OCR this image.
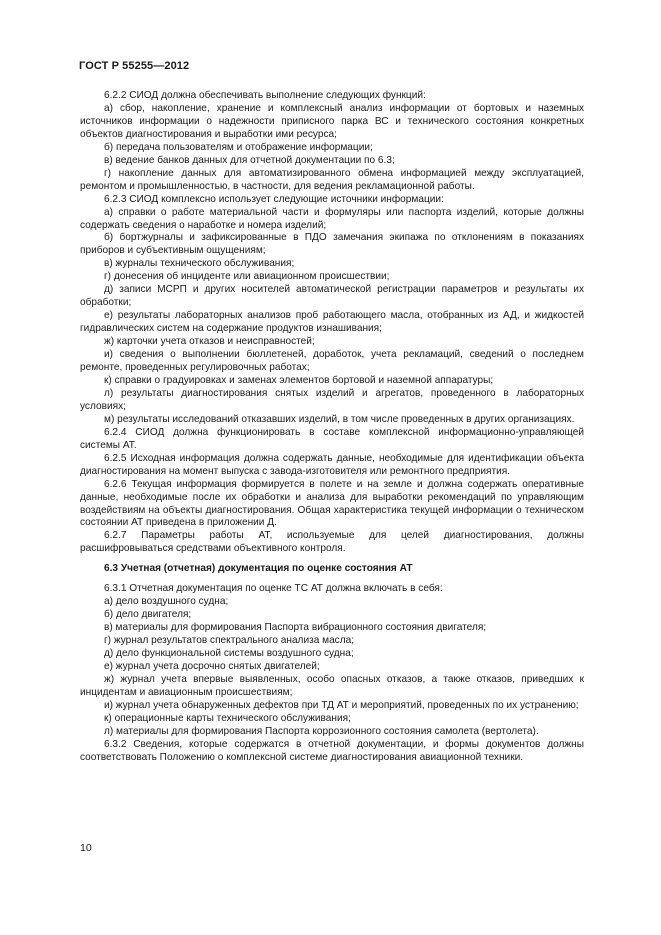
ГОСТ Р 55255—2012

6.2.2 СИОД должна обеспечивать выполнение следующих функций:

а) сбор, накопление, хранение и комплексный анализ информации от бортовых и наземных источников информации о надежности приписного парка ВС и технического состояния конкретных объектов диагностирования и выработки ими ресурса;

б) передача пользователям и отображение информации;

в) ведение банков данных для отчетной документации по 6.3;

г) накопление данных для автоматизированного обмена информацией между эксплуатацией, ремонтом и промышленностью, в частности, для ведения рекламационной работы.

6.2.3 СИОД комплексно использует следующие источники информации:

а) справки о работе материальной части и формуляры или паспорта изделий, которые должны содержать сведения о наработке и номера изделий;

б) бортжурналы и зафиксированные в ПДО замечания экипажа по отклонениям в показаниях приборов и субъективным ощущениям;

в) журналы технического обслуживания;

г) донесения об инциденте или авиационном происшествии;

д) записи МСРП и других носителей автоматической регистрации параметров и результаты их обработки;

е) результаты лабораторных анализов проб работающего масла, отобранных из АД, и жидкостей гидравлических систем на содержание продуктов изнашивания;

ж) карточки учета отказов и неисправностей;

и) сведения о выполнении бюллетеней, доработок, учета рекламаций, сведений о последнем ремонте, проведенных регулировочных работах;

к) справки о градуировках и заменах элементов бортовой и наземной аппаратуры;

л) результаты диагностирования снятых изделий и агрегатов, проведенного в лабораторных условиях;

м) результаты исследований отказавших изделий, в том числе проведенных в других организациях.

6.2.4 СИОД должна функционировать в составе комплексной информационно-управляющей системы АТ.

6.2.5 Исходная информация должна содержать данные, необходимые для идентификации объекта диагностирования на момент выпуска с завода-изготовителя или ремонтного предприятия.

6.2.6 Текущая информация формируется в полете и на земле и должна содержать оперативные данные, необходимые после их обработки и анализа для выработки рекомендаций по управляющим воздействиям на объекты диагностирования. Общая характеристика текущей информации о техническом состоянии АТ приведена в приложении Д.

6.2.7 Параметры работы АТ, используемые для целей диагностирования, должны расшифровываться средствами объективного контроля.

6.3 Учетная (отчетная) документация по оценке состояния АТ

6.3.1 Отчетная документация по оценке ТС АТ должна включать в себя:

а) дело воздушного судна;

б) дело двигателя;

в) материалы для формирования Паспорта вибрационного состояния двигателя;

г) журнал результатов спектрального анализа масла;

д) дело функциональной системы воздушного судна;

е) журнал учета досрочно снятых двигателей;

ж) журнал учета впервые выявленных, особо опасных отказов, а также отказов, приведших к инцидентам и авиационным происшествиям;

и) журнал учета обнаруженных дефектов при ТД АТ и мероприятий, проведенных по их устранению;

к) операционные карты технического обслуживания;

л) материалы для формирования Паспорта коррозионного состояния самолета (вертолета).

6.3.2 Сведения, которые содержатся в отчетной документации, и формы документов должны соответствовать Положению о комплексной системе диагностирования авиационной техники.

10
